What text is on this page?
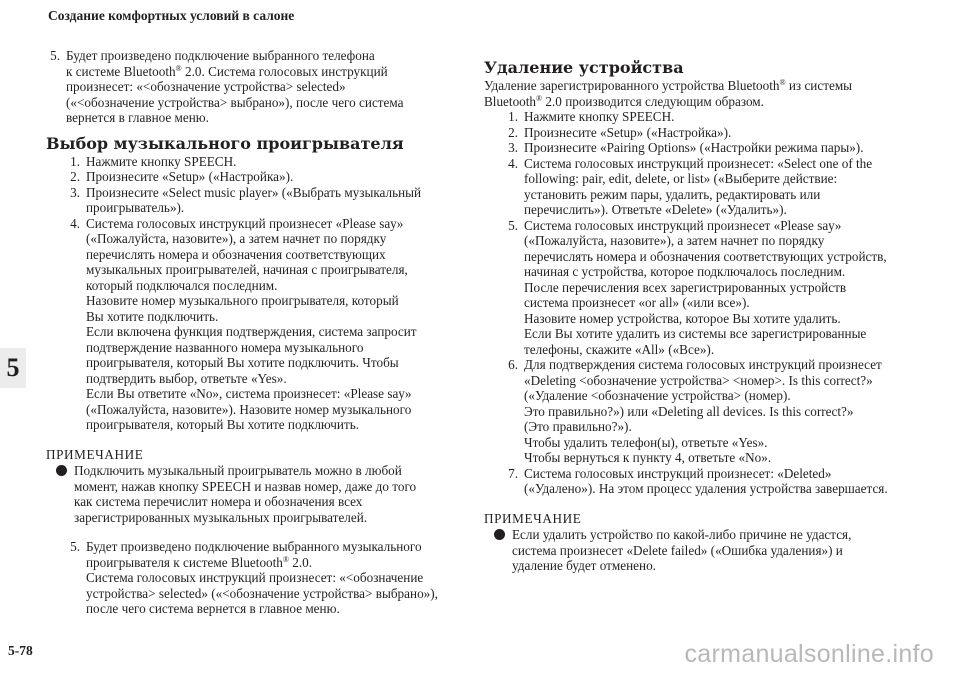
Создание комфортных условий в салоне
5
5. Будет произведено подключение выбранного телефона
к системе Bluetooth® 2.0. Система голосовых инструкций
произнесет: «<обозначение устройства> selected»
(«<обозначение устройства> выбрано»), после чего система
вернется в главное меню.
Выбор музыкального проигрывателя
1. Нажмите кнопку SPEECH.
2. Произнесите «Setup» («Настройка»).
3. Произнесите «Select music player» («Выбрать музыкальный
проигрыватель»).
4. Система голосовых инструкций произнесет «Please say»
(«Пожалуйста, назовите»), а затем начнет по порядку
перечислять номера и обозначения соответствующих
музыкальных проигрывателей, начиная с проигрывателя,
который подключался последним.
Назовите номер музыкального проигрывателя, который
Вы хотите подключить.
Если включена функция подтверждения, система запросит
подтверждение названного номера музыкального
проигрывателя, который Вы хотите подключить. Чтобы
подтвердить выбор, ответьте «Yes».
Если Вы ответите «No», система произнесет: «Please say»
(«Пожалуйста, назовите»). Назовите номер музыкального
проигрывателя, который Вы хотите подключить.
ПРИМЕЧАНИЕ
Подключить музыкальный проигрыватель можно в любой
момент, нажав кнопку SPEECH и назвав номер, даже до того
как система перечислит номера и обозначения всех
зарегистрированных музыкальных проигрывателей.
5. Будет произведено подключение выбранного музыкального
проигрывателя к системе Bluetooth® 2.0.
Система голосовых инструкций произнесет: «<обозначение
устройства> selected» («<обозначение устройства> выбрано»),
после чего система вернется в главное меню.
Удаление устройства
Удаление зарегистрированного устройства Bluetooth® из системы
Bluetooth® 2.0 производится следующим образом.
1. Нажмите кнопку SPEECH.
2. Произнесите «Setup» («Настройка»).
3. Произнесите «Pairing Options» («Настройки режима пары»).
4. Система голосовых инструкций произнесет: «Select one of the
following: pair, edit, delete, or list» («Выберите действие:
установить режим пары, удалить, редактировать или
перечислить»). Ответьте «Delete» («Удалить»).
5. Система голосовых инструкций произнесет «Please say»
(«Пожалуйста, назовите»), а затем начнет по порядку
перечислять номера и обозначения соответствующих устройств,
начиная с устройства, которое подключалось последним.
После перечисления всех зарегистрированных устройств
система произнесет «or all» («или все»).
Назовите номер устройства, которое Вы хотите удалить.
Если Вы хотите удалить из системы все зарегистрированные
телефоны, скажите «All» («Все»).
6. Для подтверждения система голосовых инструкций произнесет
«Deleting <обозначение устройства> <номер>. Is this correct?»
(«Удаление <обозначение устройства> (номер).
Это правильно?») или «Deleting all devices. Is this correct?»
(Это правильно?»).
Чтобы удалить телефон(ы), ответьте «Yes».
Чтобы вернуться к пункту 4, ответьте «No».
7. Система голосовых инструкций произнесет: «Deleted»
(«Удалено»). На этом процесс удаления устройства завершается.
ПРИМЕЧАНИЕ
Если удалить устройство по какой-либо причине не удастся,
система произнесет «Delete failed» («Ошибка удаления») и
удаление будет отменено.
5-78	carmanualsonline.info
